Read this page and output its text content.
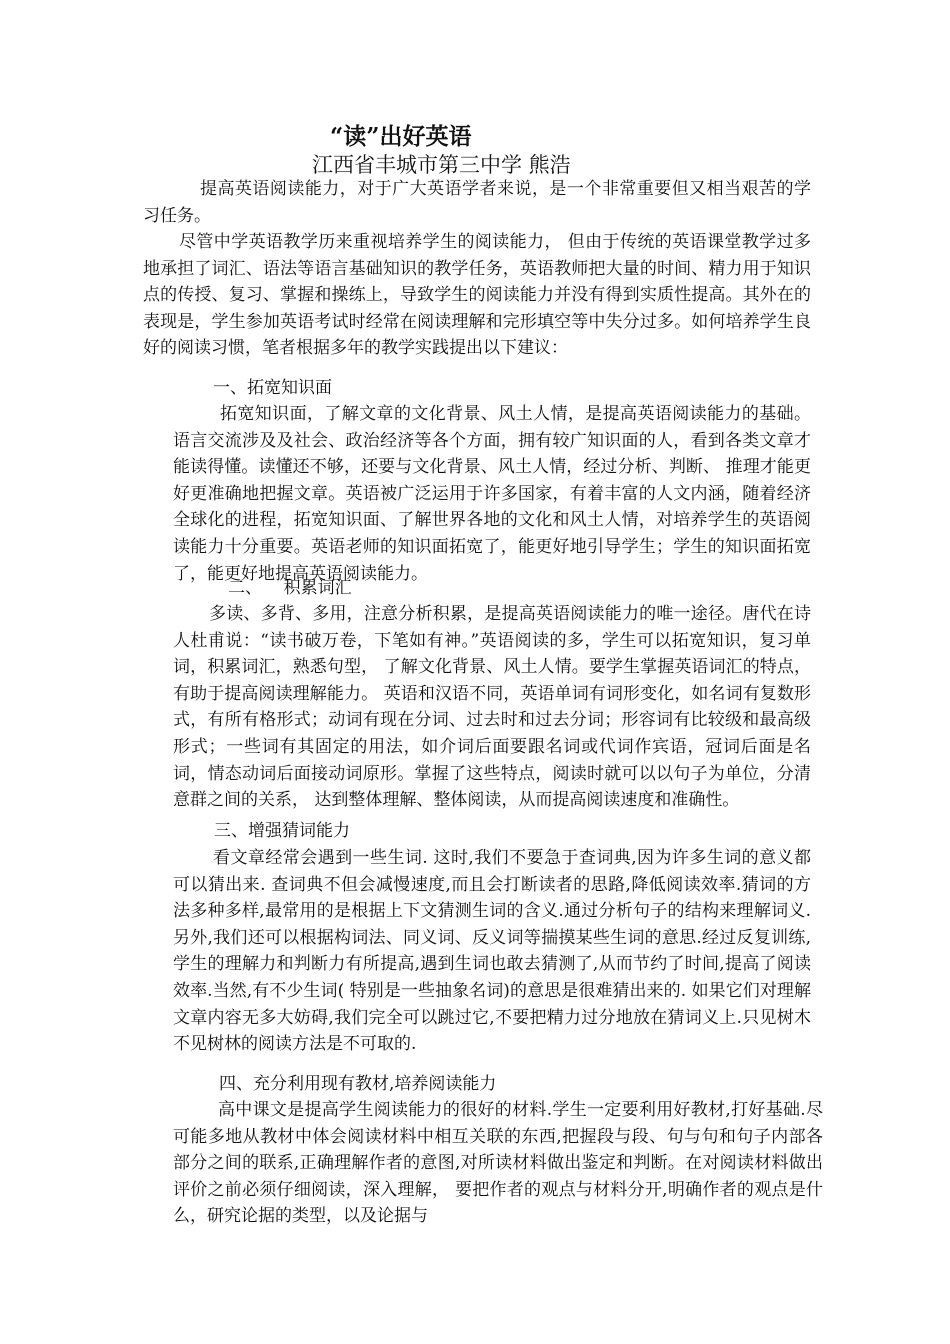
“读”出好英语
江西省丰城市第三中学 熊浩

提高英语阅读能力，对于广大英语学者来说，是一个非常重要但又相当艰苦的学习任务。

尽管中学英语教学历来重视培养学生的阅读能力， 但由于传统的英语课堂教学过多地承担了词汇、语法等语言基础知识的教学任务，英语教师把大量的时间、精力用于知识点的传授、复习、掌握和操练上，导致学生的阅读能力并没有得到实质性提高。其外在的表现是，学生参加英语考试时经常在阅读理解和完形填空等中失分过多。如何培养学生良好的阅读习惯，笔者根据多年的教学实践提出以下建议：

一、拓宽知识面

拓宽知识面，了解文章的文化背景、风土人情，是提高英语阅读能力的基础。语言交流涉及及社会、政治经济等各个方面，拥有较广知识面的人，看到各类文章才能读得懂。读懂还不够，还要与文化背景、风土人情，经过分析、判断、 推理才能更好更准确地把握文章。英语被广泛运用于许多国家，有着丰富的人文内涵，随着经济全球化的进程，拓宽知识面、了解世界各地的文化和风土人情，对培养学生的英语阅读能力十分重要。英语老师的知识面拓宽了，能更好地引导学生；学生的知识面拓宽了，能更好地提高英语阅读能力。

二、    积累词汇

多读、多背、多用，注意分析积累，是提高英语阅读能力的唯一途径。唐代在诗人杜甫说：“读书破万卷，下笔如有神。”英语阅读的多，学生可以拓宽知识，复习单词，积累词汇，熟悉句型， 了解文化背景、风土人情。要学生掌握英语词汇的特点，有助于提高阅读理解能力。 英语和汉语不同，英语单词有词形变化，如名词有复数形式，有所有格形式；动词有现在分词、过去时和过去分词；形容词有比较级和最高级形式；一些词有其固定的用法，如介词后面要跟名词或代词作宾语，冠词后面是名词，情态动词后面接动词原形。掌握了这些特点，阅读时就可以以句子为单位，分清意群之间的关系， 达到整体理解、整体阅读，从而提高阅读速度和准确性。

三、增强猜词能力

看文章经常会遇到一些生词. 这时,我们不要急于查词典,因为许多生词的意义都可以猜出来. 查词典不但会减慢速度,而且会打断读者的思路,降低阅读效率.猜词的方法多种多样,最常用的是根据上下文猜测生词的含义.通过分析句子的结构来理解词义.另外,我们还可以根据构词法、同义词、反义词等揣摸某些生词的意思.经过反复训练,学生的理解力和判断力有所提高,遇到生词也敢去猜测了,从而节约了时间,提高了阅读效率.当然,有不少生词( 特别是一些抽象名词)的意思是很难猜出来的. 如果它们对理解文章内容无多大妨碍,我们完全可以跳过它,不要把精力过分地放在猜词义上.只见树木不见树林的阅读方法是不可取的.

四、充分利用现有教材,培养阅读能力

高中课文是提高学生阅读能力的很好的材料.学生一定要利用好教材,打好基础.尽可能多地从教材中体会阅读材料中相互关联的东西,把握段与段、句与句和句子内部各部分之间的联系,正确理解作者的意图,对所读材料做出鉴定和判断。在对阅读材料做出评价之前必须仔细阅读，深入理解， 要把作者的观点与材料分开,明确作者的观点是什么，研究论据的类型，以及论据与
